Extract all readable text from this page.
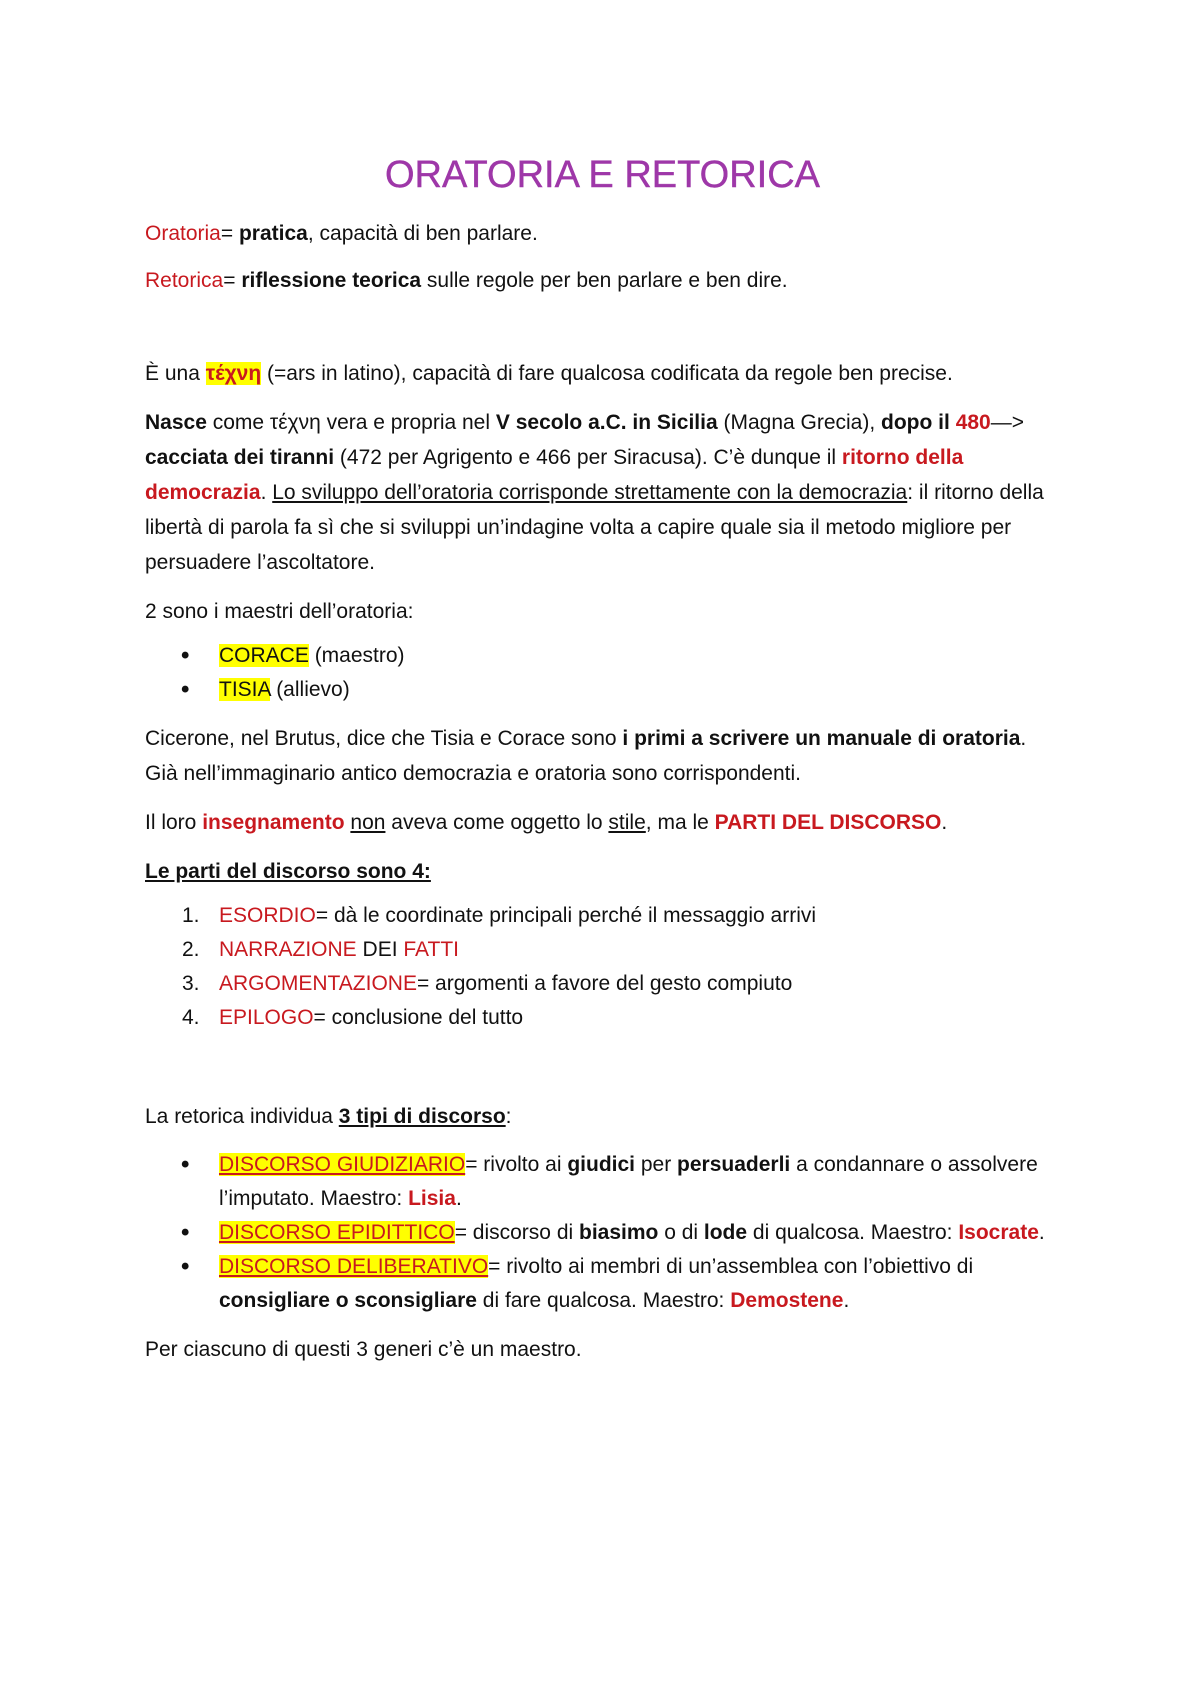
ORATORIA E RETORICA

Oratoria= pratica, capacità di ben parlare.

Retorica= riflessione teorica sulle regole per ben parlare e ben dire.

È una τέχνη (=ars in latino), capacità di fare qualcosa codificata da regole ben precise.

Nasce come τέχνη vera e propria nel V secolo a.C. in Sicilia (Magna Grecia), dopo il 480—> cacciata dei tiranni (472 per Agrigento e 466 per Siracusa). C’è dunque il ritorno della democrazia. Lo sviluppo dell’oratoria corrisponde strettamente con la democrazia: il ritorno della libertà di parola fa sì che si sviluppi un’indagine volta a capire quale sia il metodo migliore per persuadere l’ascoltatore.

2 sono i maestri dell’oratoria:

• CORACE (maestro)
• TISIA (allievo)

Cicerone, nel Brutus, dice che Tisia e Corace sono i primi a scrivere un manuale di oratoria. Già nell’immaginario antico democrazia e oratoria sono corrispondenti.

Il loro insegnamento non aveva come oggetto lo stile, ma le PARTI DEL DISCORSO.

Le parti del discorso sono 4:

1. ESORDIO= dà le coordinate principali perché il messaggio arrivi
2. NARRAZIONE DEI FATTI
3. ARGOMENTAZIONE= argomenti a favore del gesto compiuto
4. EPILOGO= conclusione del tutto

La retorica individua 3 tipi di discorso:

• DISCORSO GIUDIZIARIO= rivolto ai giudici per persuaderli a condannare o assolvere l’imputato. Maestro: Lisia.
• DISCORSO EPIDITTICO= discorso di biasimo o di lode di qualcosa. Maestro: Isocrate.
• DISCORSO DELIBERATIVO= rivolto ai membri di un’assemblea con l’obiettivo di consigliare o sconsigliare di fare qualcosa. Maestro: Demostene.

Per ciascuno di questi 3 generi c’è un maestro.
